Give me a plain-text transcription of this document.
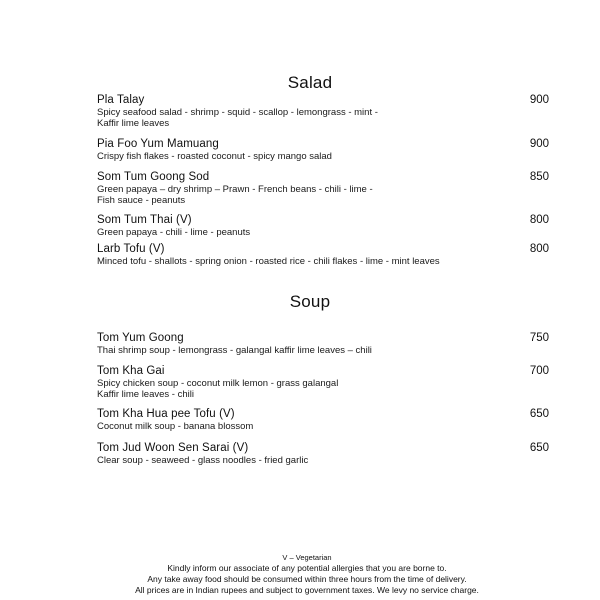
Salad
Pla Talay	900
Spicy seafood salad - shrimp - squid - scallop - lemongrass - mint -
Kaffir lime leaves
Pia Foo Yum Mamuang	900
Crispy fish flakes - roasted coconut - spicy mango salad
Som Tum Goong Sod	850
Green papaya – dry shrimp – Prawn - French beans - chili - lime -
Fish sauce - peanuts
Som Tum Thai (V)	800
Green papaya - chili - lime - peanuts
Larb Tofu (V)	800
Minced tofu - shallots - spring onion - roasted rice - chili flakes - lime - mint leaves
Soup
Tom Yum Goong	750
Thai shrimp soup - lemongrass - galangal kaffir lime leaves – chili
Tom Kha Gai	700
Spicy chicken soup - coconut milk lemon - grass galangal
Kaffir lime leaves - chili
Tom Kha Hua pee Tofu (V)	650
Coconut milk soup - banana blossom
Tom Jud Woon Sen Sarai (V)	650
Clear soup - seaweed - glass noodles - fried garlic
V – Vegetarian
Kindly inform our associate of any potential allergies that you are borne to.
Any take away food should be consumed within three hours from the time of delivery.
All prices are in Indian rupees and subject to government taxes. We levy no service charge.
